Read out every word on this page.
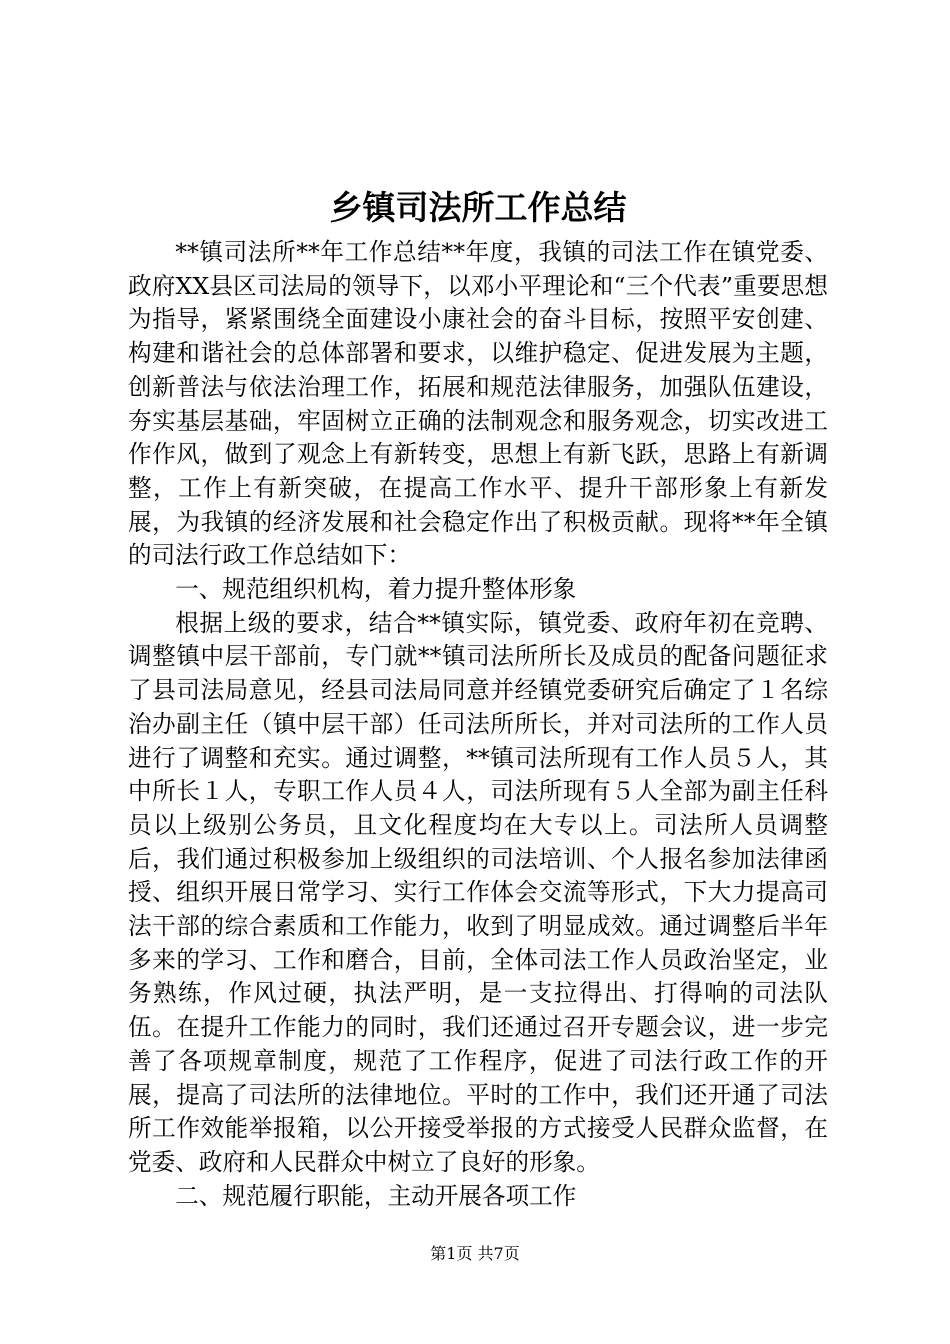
乡镇司法所工作总结

**镇司法所**年工作总结**年度，我镇的司法工作在镇党委、政府XX县区司法局的领导下，以邓小平理论和“三个代表”重要思想为指导，紧紧围绕全面建设小康社会的奋斗目标，按照平安创建、构建和谐社会的总体部署和要求，以维护稳定、促进发展为主题，创新普法与依法治理工作，拓展和规范法律服务，加强队伍建设，夯实基层基础，牢固树立正确的法制观念和服务观念，切实改进工作作风，做到了观念上有新转变，思想上有新飞跃，思路上有新调整，工作上有新突破，在提高工作水平、提升干部形象上有新发展，为我镇的经济发展和社会稳定作出了积极贡献。现将**年全镇的司法行政工作总结如下：

一、规范组织机构，着力提升整体形象

根据上级的要求，结合**镇实际，镇党委、政府年初在竞聘、调整镇中层干部前，专门就**镇司法所所长及成员的配备问题征求了县司法局意见，经县司法局同意并经镇党委研究后确定了１名综治办副主任（镇中层干部）任司法所所长，并对司法所的工作人员进行了调整和充实。通过调整，**镇司法所现有工作人员５人，其中所长１人，专职工作人员４人，司法所现有５人全部为副主任科员以上级别公务员，且文化程度均在大专以上。司法所人员调整后，我们通过积极参加上级组织的司法培训、个人报名参加法律函授、组织开展日常学习、实行工作体会交流等形式，下大力提高司法干部的综合素质和工作能力，收到了明显成效。通过调整后半年多来的学习、工作和磨合，目前，全体司法工作人员政治坚定，业务熟练，作风过硬，执法严明，是一支拉得出、打得响的司法队伍。在提升工作能力的同时，我们还通过召开专题会议，进一步完善了各项规章制度，规范了工作程序，促进了司法行政工作的开展，提高了司法所的法律地位。平时的工作中，我们还开通了司法所工作效能举报箱，以公开接受举报的方式接受人民群众监督，在党委、政府和人民群众中树立了良好的形象。

二、规范履行职能，主动开展各项工作

第1页 共7页
